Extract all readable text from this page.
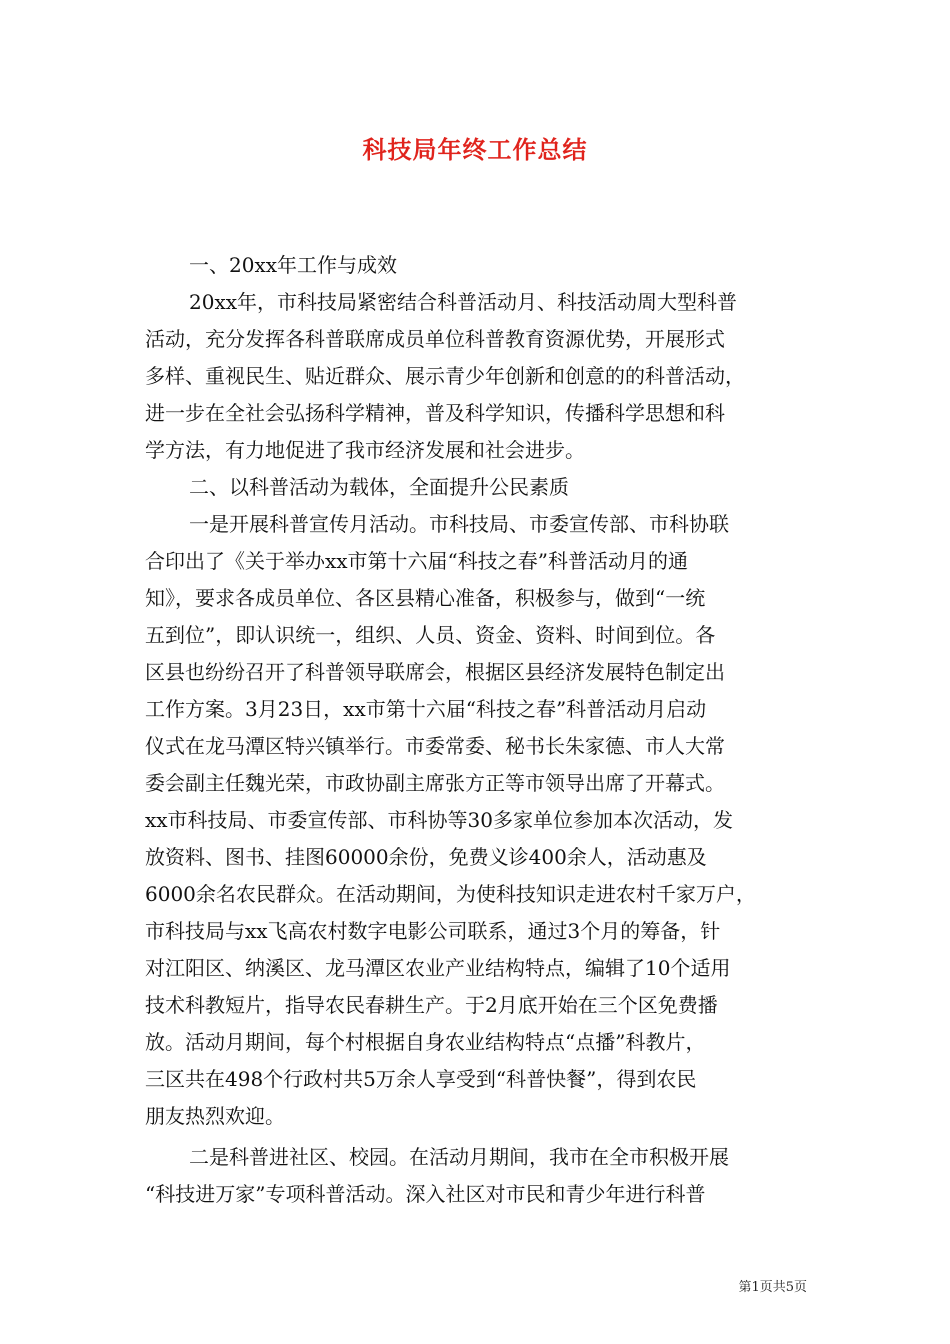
科技局年终工作总结
一、20xx年工作与成效
20xx年，市科技局紧密结合科普活动月、科技活动周大型科普
活动，充分发挥各科普联席成员单位科普教育资源优势，开展形式
多样、重视民生、贴近群众、展示青少年创新和创意的的科普活动，
进一步在全社会弘扬科学精神，普及科学知识，传播科学思想和科
学方法，有力地促进了我市经济发展和社会进步。
二、以科普活动为载体，全面提升公民素质
一是开展科普宣传月活动。市科技局、市委宣传部、市科协联
合印出了《关于举办xx市第十六届“科技之春”科普活动月的通
知》，要求各成员单位、各区县精心准备，积极参与，做到“一统
五到位”，即认识统一，组织、人员、资金、资料、时间到位。各
区县也纷纷召开了科普领导联席会，根据区县经济发展特色制定出
工作方案。3月23日，xx市第十六届“科技之春”科普活动月启动
仪式在龙马潭区特兴镇举行。市委常委、秘书长朱家德、市人大常
委会副主任魏光荣，市政协副主席张方正等市领导出席了开幕式。
xx市科技局、市委宣传部、市科协等30多家单位参加本次活动，发
放资料、图书、挂图60000余份，免费义诊400余人，活动惠及
6000余名农民群众。在活动期间，为使科技知识走进农村千家万户，
市科技局与xx飞高农村数字电影公司联系，通过3个月的筹备，针
对江阳区、纳溪区、龙马潭区农业产业结构特点，编辑了10个适用
技术科教短片，指导农民春耕生产。于2月底开始在三个区免费播
放。活动月期间，每个村根据自身农业结构特点“点播”科教片，
三区共在498个行政村共5万余人享受到“科普快餐”，得到农民
朋友热烈欢迎。
二是科普进社区、校园。在活动月期间，我市在全市积极开展
“科技进万家”专项科普活动。深入社区对市民和青少年进行科普
第1页共5页
